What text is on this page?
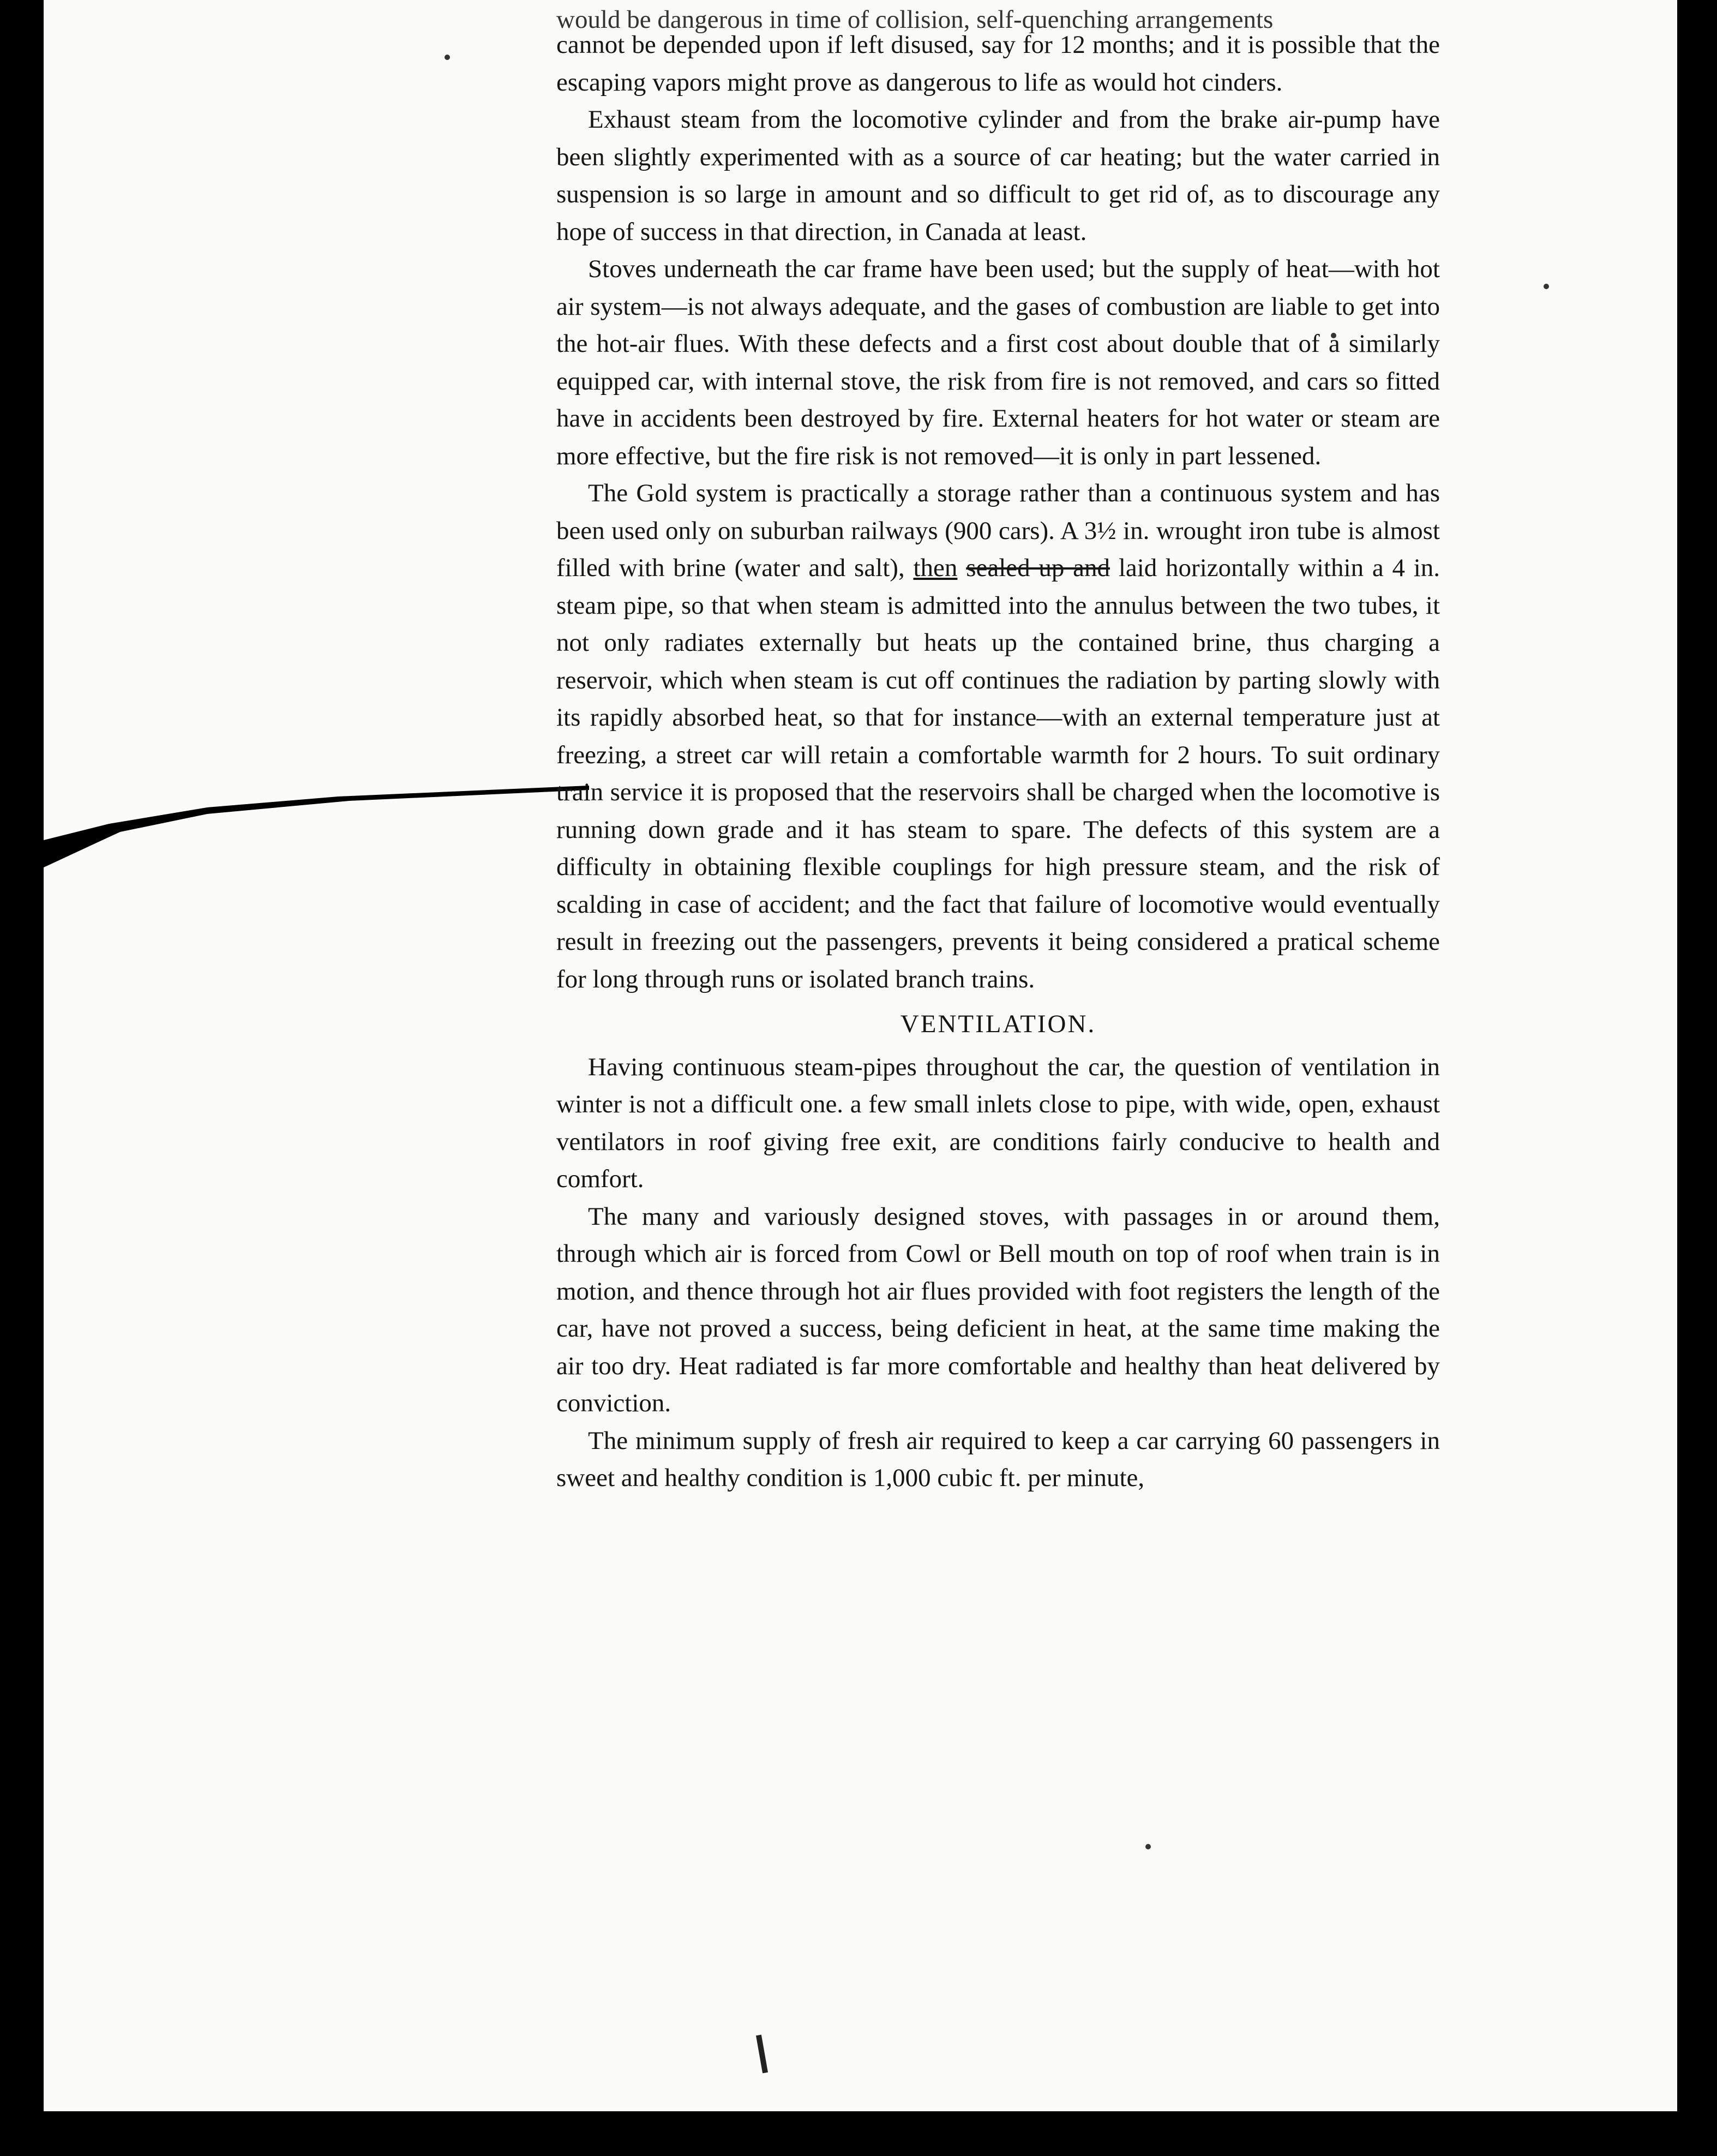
would be dangerous in time of collision, self-quenching arrangements

cannot be depended upon if left disused, say for 12 months; and it is possible that the escaping vapors might prove as dangerous to life as would hot cinders.

Exhaust steam from the locomotive cylinder and from the brake air-pump have been slightly experimented with as a source of car heating; but the water carried in suspension is so large in amount and so difficult to get rid of, as to discourage any hope of success in that direction, in Canada at least.

Stoves underneath the car frame have been used; but the supply of heat—with hot air system—is not always adequate, and the gases of combustion are liable to get into the hot-air flues. With these defects and a first cost about double that of a similarly equipped car, with internal stove, the risk from fire is not removed, and cars so fitted have in accidents been destroyed by fire. External heaters for hot water or steam are more effective, but the fire risk is not removed—it is only in part lessened.

The Gold system is practically a storage rather than a continuous system and has been used only on suburban railways (900 cars). A 3½ in. wrought iron tube is almost filled with brine (water and salt), then sealed up and laid horizontally within a 4 in. steam pipe, so that when steam is admitted into the annulus between the two tubes, it not only radiates externally but heats up the contained brine, thus charging a reservoir, which when steam is cut off continues the radiation by parting slowly with its rapidly absorbed heat, so that for instance—with an external temperature just at freezing, a street car will retain a comfortable warmth for 2 hours. To suit ordinary train service it is proposed that the reservoirs shall be charged when the locomotive is running down grade and it has steam to spare. The defects of this system are a difficulty in obtaining flexible couplings for high pressure steam, and the risk of scalding in case of accident; and the fact that failure of locomotive would eventually result in freezing out the passengers, prevents it being considered a pratical scheme for long through runs or isolated branch trains.

VENTILATION.

Having continuous steam-pipes throughout the car, the question of ventilation in winter is not a difficult one. a few small inlets close to pipe, with wide, open, exhaust ventilators in roof giving free exit, are conditions fairly conducive to health and comfort.

The many and variously designed stoves, with passages in or around them, through which air is forced from Cowl or Bell mouth on top of roof when train is in motion, and thence through hot air flues provided with foot registers the length of the car, have not proved a success, being deficient in heat, at the same time making the air too dry. Heat radiated is far more comfortable and healthy than heat delivered by conviction.

The minimum supply of fresh air required to keep a car carrying 60 passengers in sweet and healthy condition is 1,000 cubic ft. per minute,
